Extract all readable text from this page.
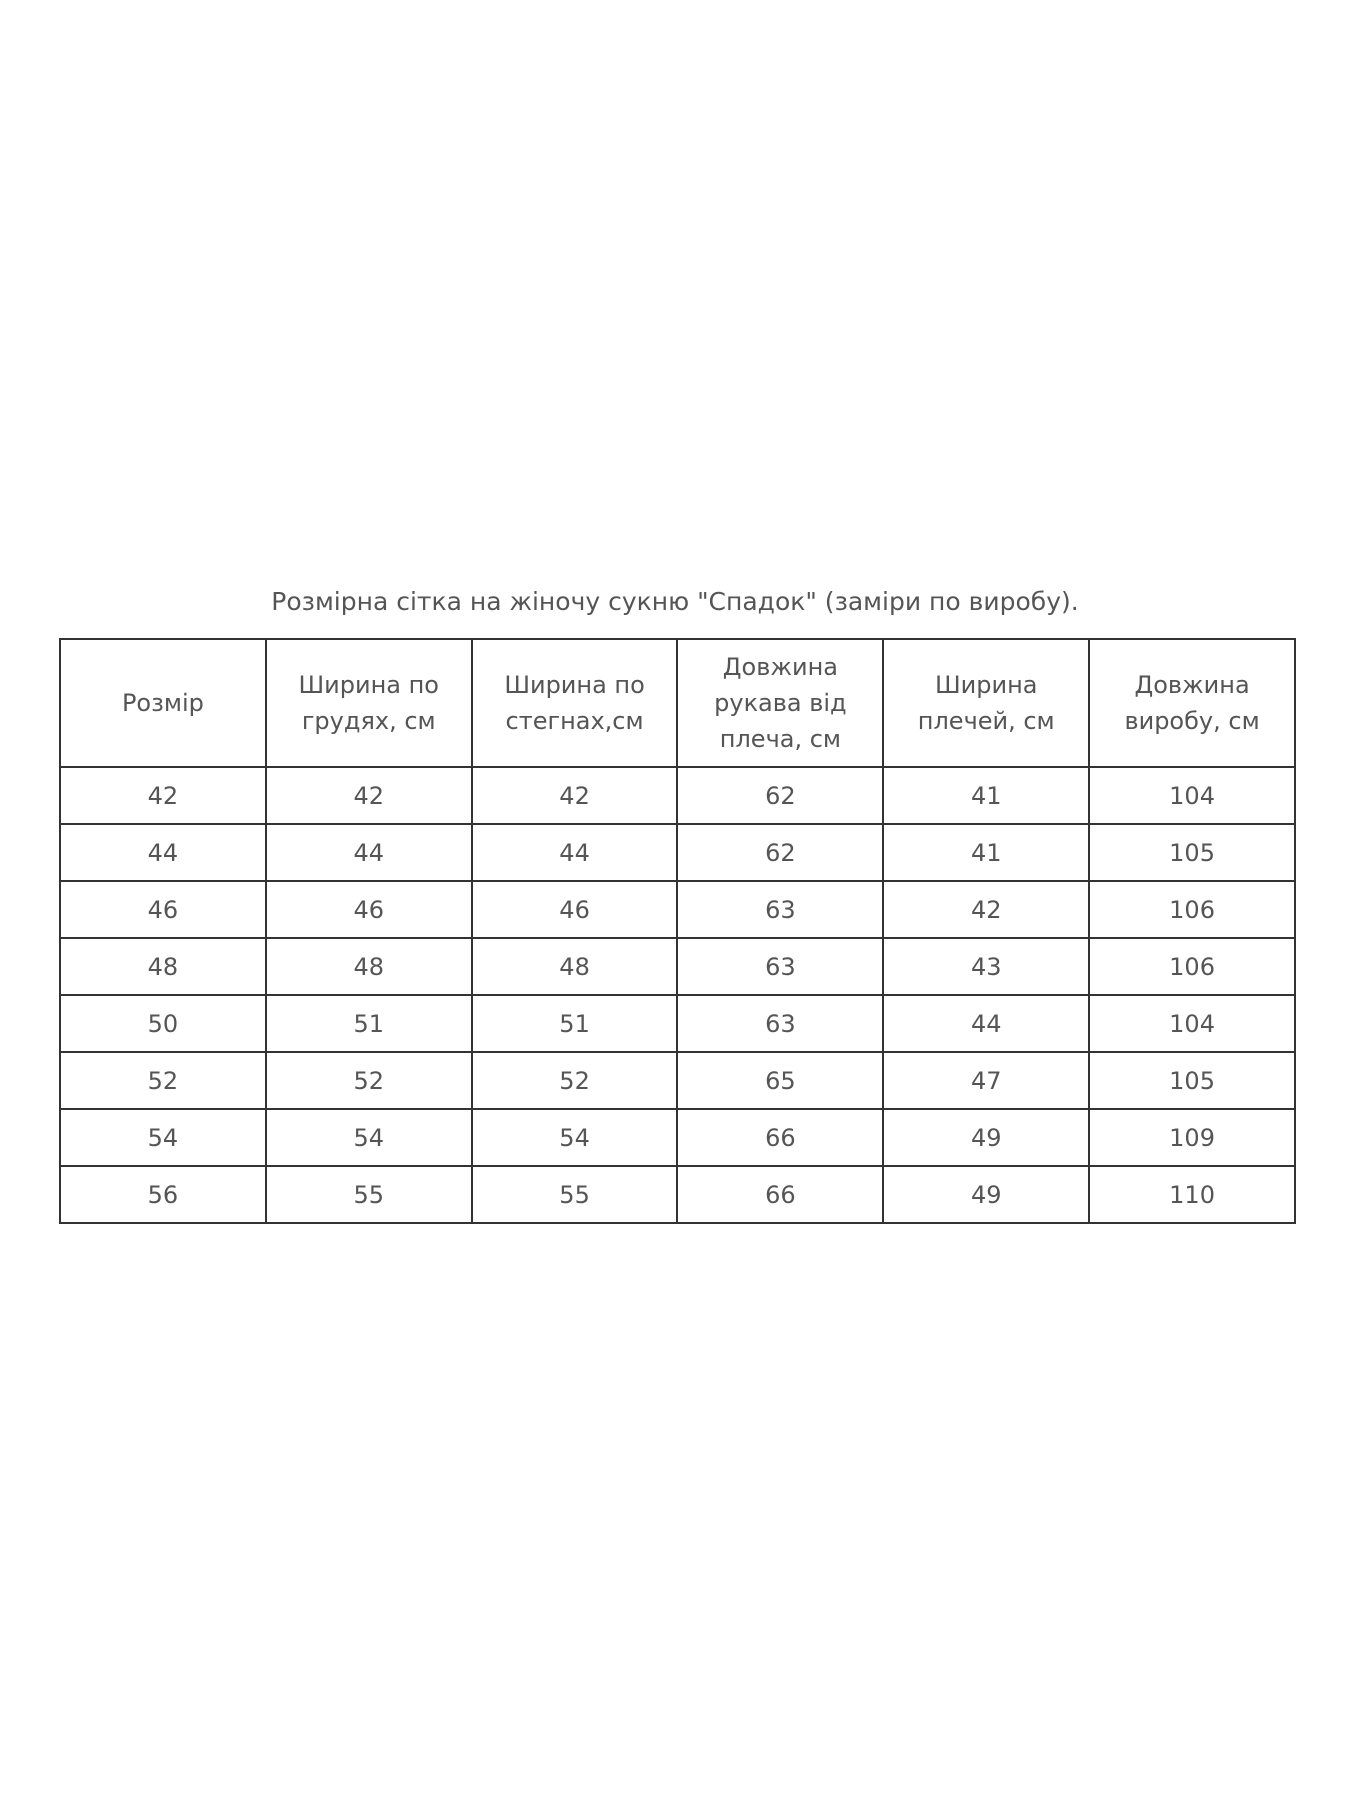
Розмірна сітка на жіночу сукню "Спадок" (заміри по виробу).
Розмір	Ширина по грудях, см	Ширина по стегнах,см	Довжина рукава від плеча, см	Ширина плечей, см	Довжина виробу, см
42	42	42	62	41	104
44	44	44	62	41	105
46	46	46	63	42	106
48	48	48	63	43	106
50	51	51	63	44	104
52	52	52	65	47	105
54	54	54	66	49	109
56	55	55	66	49	110
